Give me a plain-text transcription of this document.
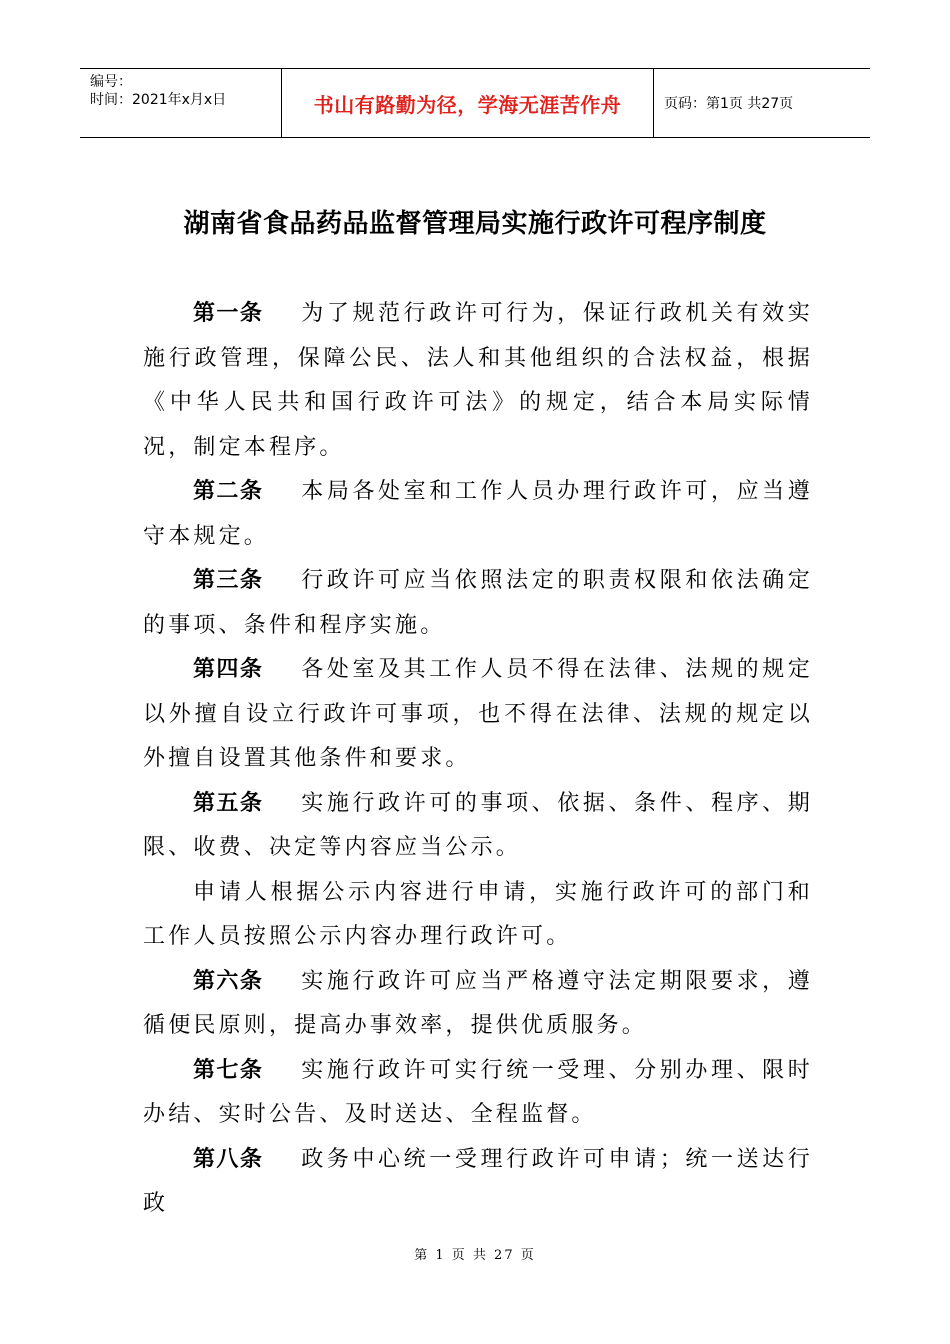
编号：
时间：2021年x月x日	书山有路勤为径，学海无涯苦作舟	页码：第1页 共27页
湖南省食品药品监督管理局实施行政许可程序制度

第一条 为了规范行政许可行为，保证行政机关有效实施行政管理，保障公民、法人和其他组织的合法权益，根据《中华人民共和国行政许可法》的规定，结合本局实际情况，制定本程序。

第二条 本局各处室和工作人员办理行政许可，应当遵守本规定。

第三条 行政许可应当依照法定的职责权限和依法确定的事项、条件和程序实施。

第四条 各处室及其工作人员不得在法律、法规的规定以外擅自设立行政许可事项，也不得在法律、法规的规定以外擅自设置其他条件和要求。

第五条 实施行政许可的事项、依据、条件、程序、期限、收费、决定等内容应当公示。

申请人根据公示内容进行申请，实施行政许可的部门和工作人员按照公示内容办理行政许可。

第六条 实施行政许可应当严格遵守法定期限要求，遵循便民原则，提高办事效率，提供优质服务。

第七条 实施行政许可实行统一受理、分别办理、限时办结、实时公告、及时送达、全程监督。

第八条 政务中心统一受理行政许可申请；统一送达行政

第 1 页 共 27 页
